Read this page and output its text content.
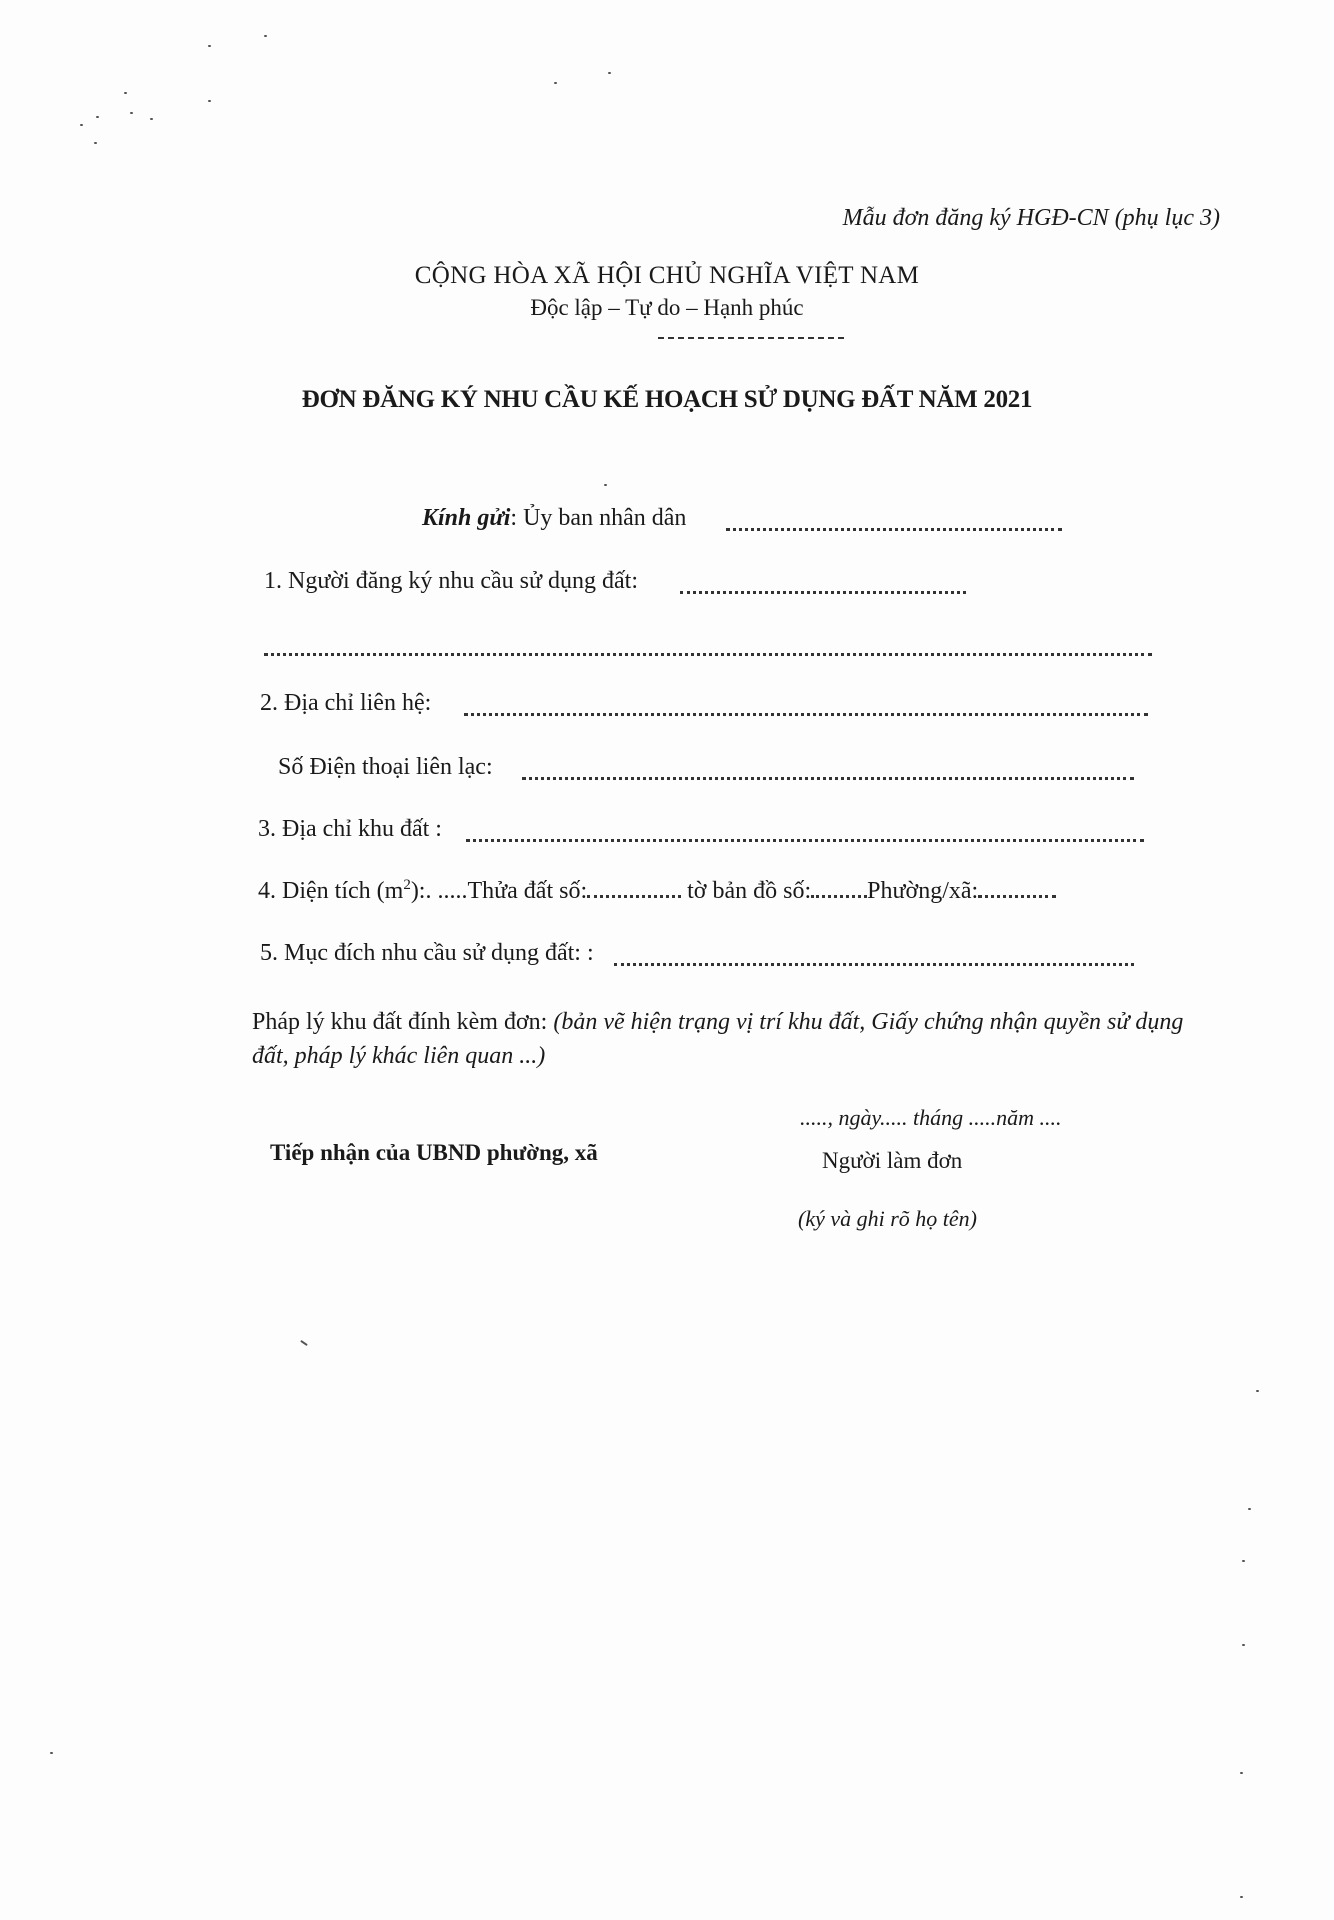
Mẫu đơn đăng ký HGĐ-CN (phụ lục 3)
CỘNG HÒA XÃ HỘI CHỦ NGHĨA VIỆT NAM
Độc lập – Tự do – Hạnh phúc
ĐƠN ĐĂNG KÝ NHU CẦU KẾ HOẠCH SỬ DỤNG ĐẤT NĂM 2021
Kính gửi: Ủy ban nhân dân
1. Người đăng ký nhu cầu sử dụng đất:
2. Địa chỉ liên hệ:
Số Điện thoại liên lạc:
3. Địa chỉ khu đất :
4. Diện tích $(m^2)$:. .....Thửa đất số:	tờ bản đồ số: Phường/xã:
5. Mục đích nhu cầu sử dụng đất: :
Pháp lý khu đất đính kèm đơn: (bản vẽ hiện trạng vị trí khu đất, Giấy chứng nhận quyền sử dụng đất, pháp lý khác liên quan ...)
....., ngày..... tháng .....năm ....
Tiếp nhận của UBND phường, xã	Người làm đơn
(ký và ghi rõ họ tên)
